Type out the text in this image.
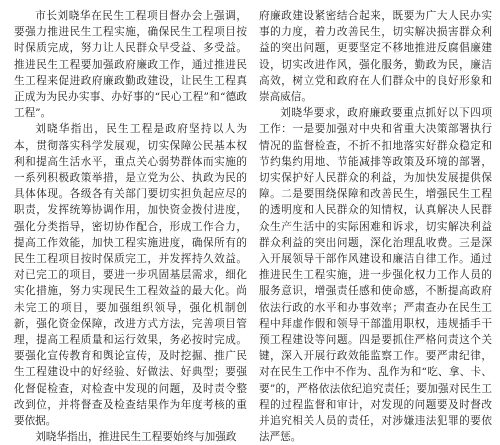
市长刘晓华在民生工程项目督办会上强调，要强力推进民生工程实施，确保民生工程项目按时保质完成，努力让人民群众早受益、多受益。推进民生工程要加强政府廉政工作，通过推进民生工程来促进政府廉政勤政建设，让民生工程真正成为为民办实事、办好事的“民心工程”和“德政工程”。

刘晓华指出，民生工程是政府坚持以人为本，贯彻落实科学发展观，切实保障公民基本权利和提高生活水平，重点关心弱势群体而实施的一系列积极政策举措，是立党为公、执政为民的具体体现。各级各有关部门要切实担负起应尽的职责，发挥统筹协调作用，加快资金拨付进度，强化分类指导，密切协作配合，形成工作合力，提高工作效能，加快工程实施进度，确保所有的民生工程项目按时保质完工，并发挥持久效益。对已完工的项目，要进一步巩固基层需求，细化实化措施，努力实现民生工程效益的最大化。尚未完工的项目，要加强组织领导，强化机制创新，强化资金保障，改进方式方法，完善项目管理，提高工程质量和运行效果，务必按时完成。要强化宣传教育和舆论宣传，及时挖掘、推广民生工程建设中的好经验、好做法、好典型；要强化督促检查，对检查中发现的问题，及时责令整改到位，并将督查及检查结果作为年度考核的重要依据。

刘晓华指出，推进民生工程要始终与加强政

府廉政建设紧密结合起来，既要为广大人民办实事的力度，着力改善民生，切实解决损害群众利益的突出问题，更要坚定不移地推进反腐倡廉建设，切实改进作风，强化服务，勤政为民，廉洁高效，树立党和政府在人们群众中的良好形象和崇高威信。

刘晓华要求，政府廉政要重点抓好以下四项工作：一是要加强对中央和省重大决策部署执行情况的监督检查，不折不扣地落实好群众稳定和节约集约用地、节能减排等政策及环境的部署，切实保护好人民群众的利益，为加快发展提供保障。二是要围绕保障和改善民生，增强民生工程的透明度和人民群众的知情权，认真解决人民群众生产生活中的实际困难和诉求，切实解决利益群众利益的突出问题，深化治理乱收费。三是深入开展领导干部作风建设和廉洁自律工作。通过推进民生工程实施，进一步强化权力工作人员的服务意识，增强责任感和使命感，不断提高政府依法行政的水平和办事效率；严肃查办在民生工程中拜虚作假和领导干部滥用职权，违规插手干预工程建设等问题。四是要抓住严格问责这个关键，深入开展行政效能监察工作。要严肃纪律，对在民生工作中不作为、乱作为和“吃、拿、卡、要”的，严格依法依纪追究责任；要加强对民生工程的过程监督和审计，对发现的问题要及时督改并追究相关人员的责任，对涉嫌违法犯罪的要依法严惩。
